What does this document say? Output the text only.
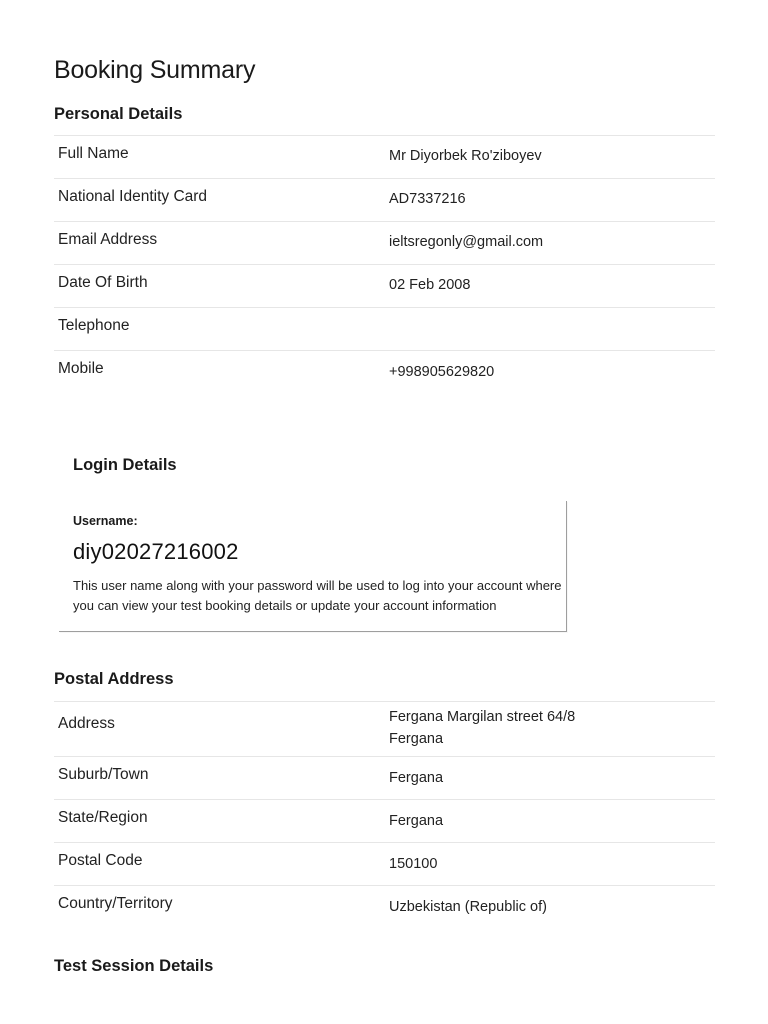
Booking Summary
Personal Details
Full Name	Mr Diyorbek Ro'ziboyev
National Identity Card	AD7337216
Email Address	ieltsregonly@gmail.com
Date Of Birth	02 Feb 2008
Telephone
Mobile	+998905629820
Login Details
Username:
diy02027216002
This user name along with your password will be used to log into your account where you can view your test booking details or update your account information
Postal Address
Address	Fergana Margilan street 64/8
Fergana
Suburb/Town	Fergana
State/Region	Fergana
Postal Code	150100
Country/Territory	Uzbekistan (Republic of)
Test Session Details
